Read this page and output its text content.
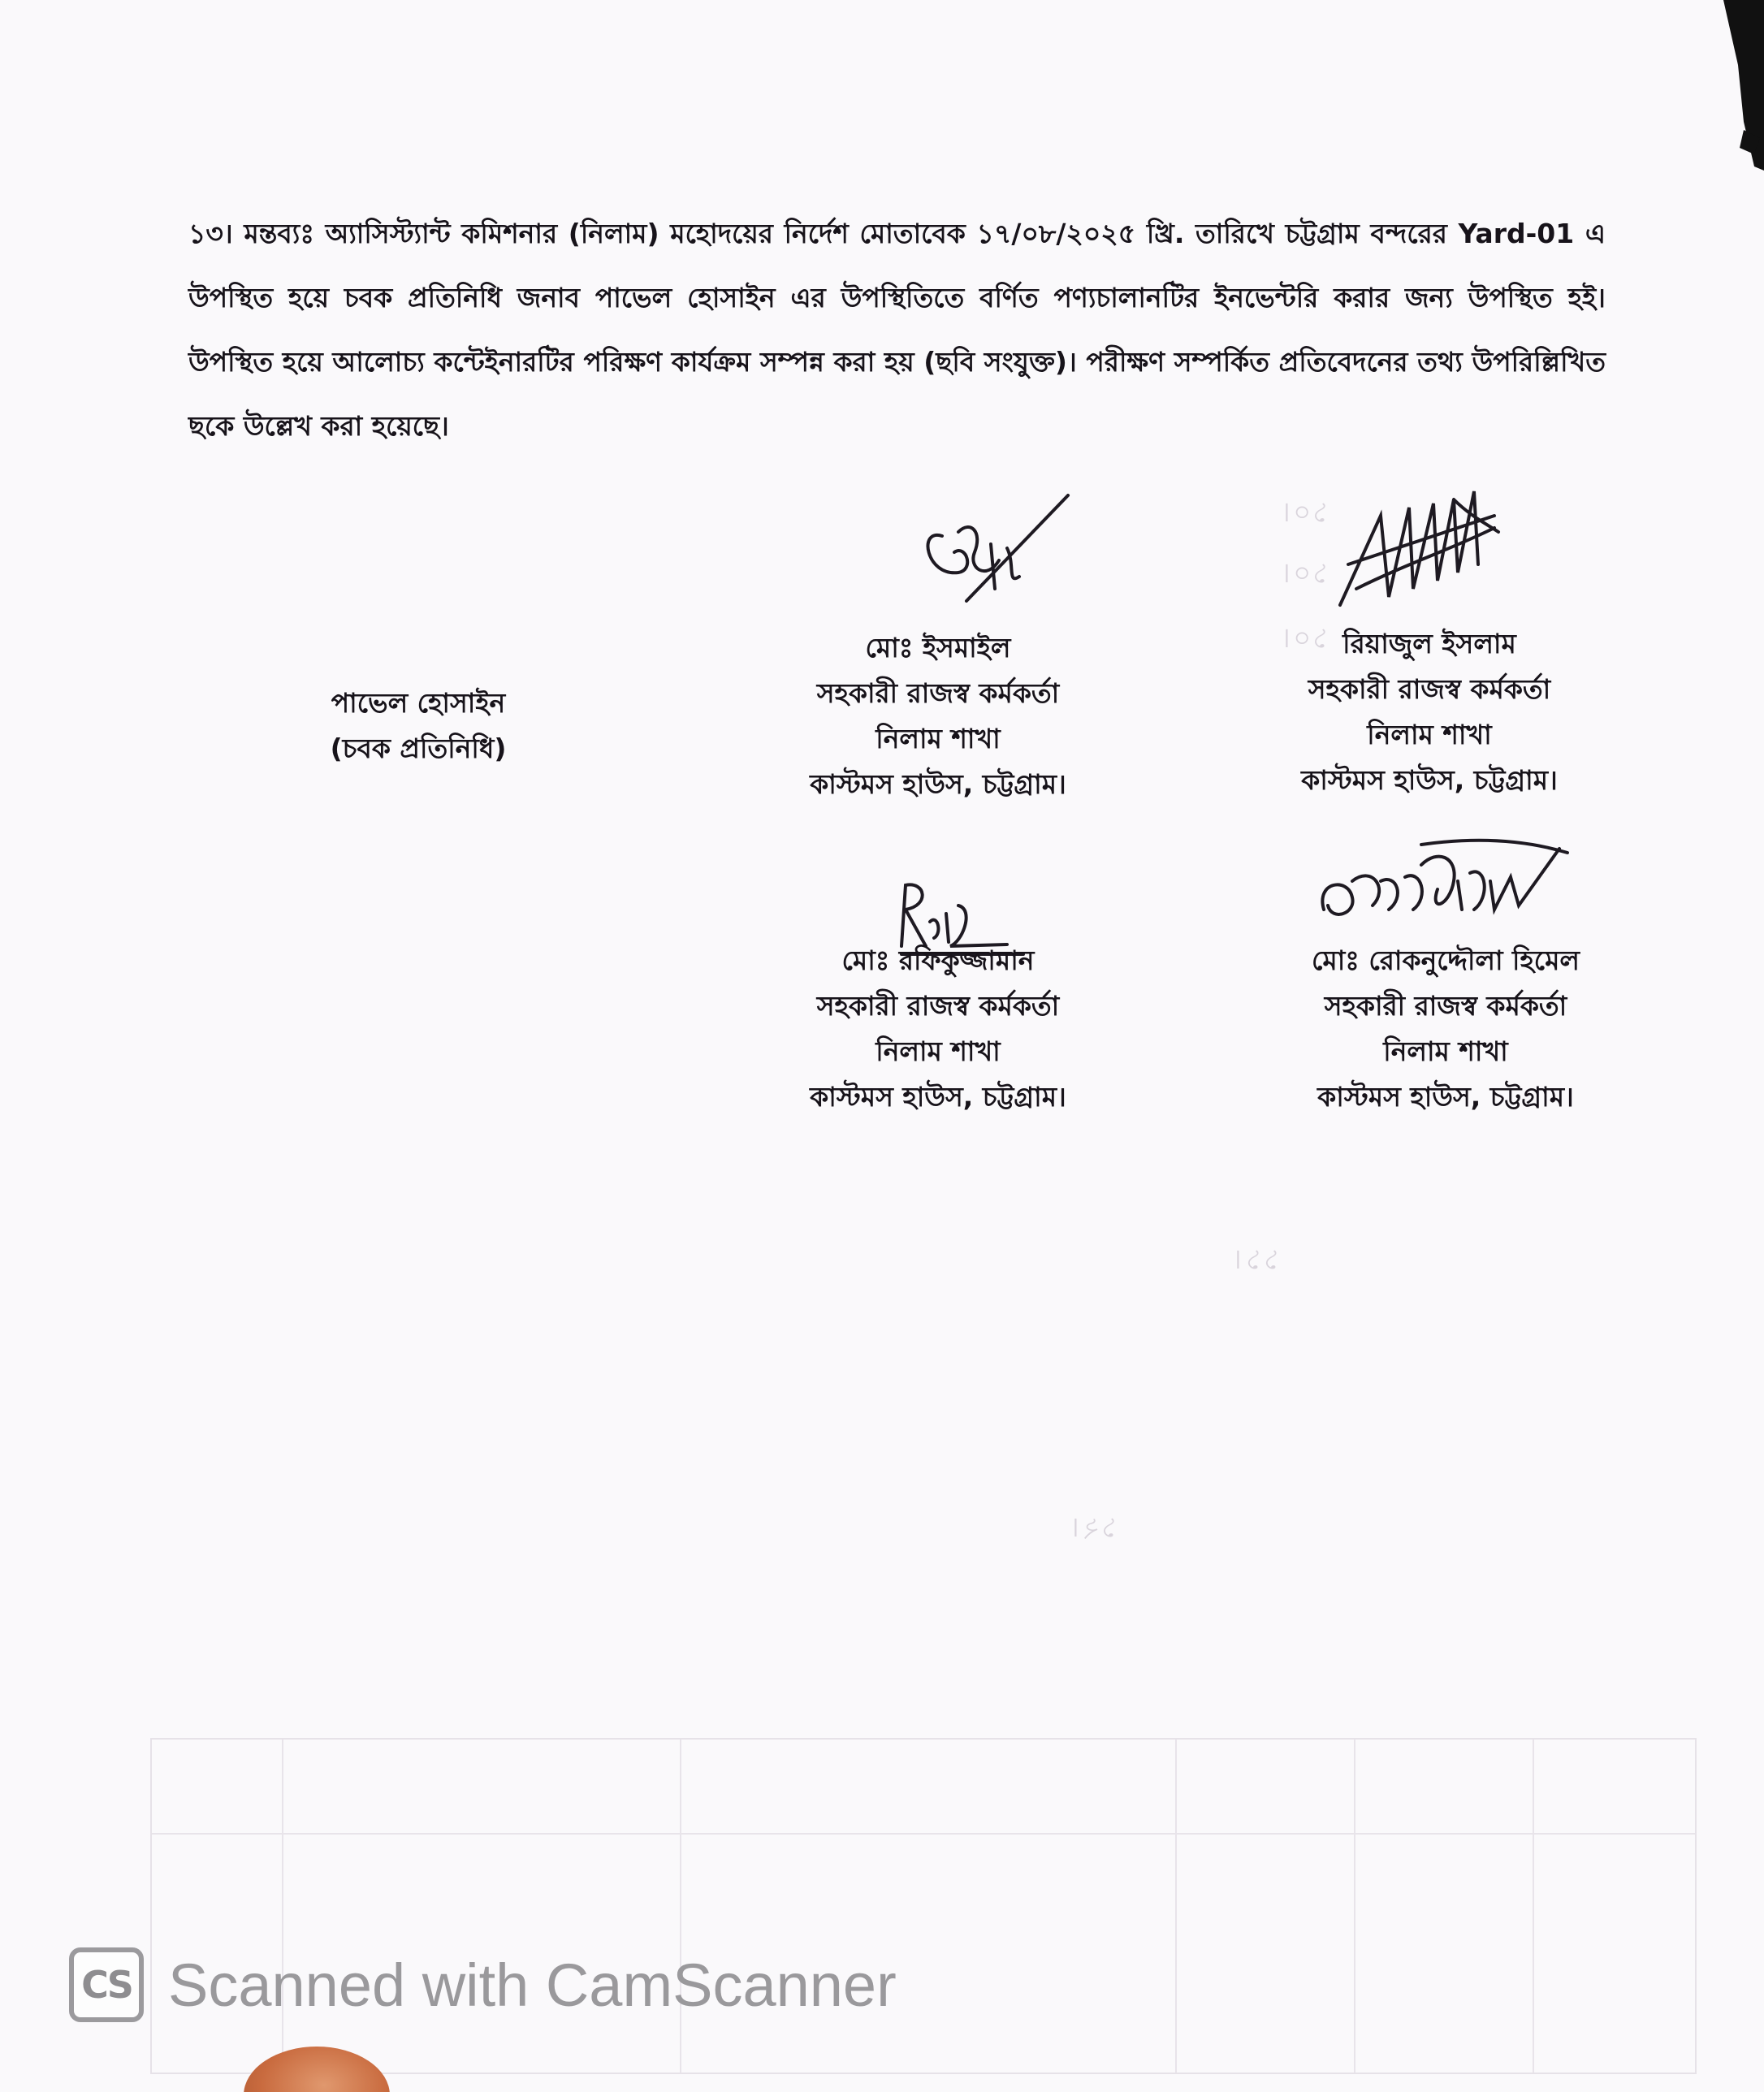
১০।
১০।
১০।
১১।
১২।

১৩। মন্তব্যঃ অ্যাসিস্ট্যান্ট কমিশনার (নিলাম) মহোদয়ের নির্দেশ মোতাবেক ১৭/০৮/২০২৫ খ্রি. তারিখে চট্টগ্রাম বন্দরের Yard-01 এ উপস্থিত হয়ে চবক প্রতিনিধি জনাব পাভেল হোসাইন এর উপস্থিতিতে বর্ণিত পণ্যচালানটির ইনভেন্টরি করার জন্য উপস্থিত হই। উপস্থিত হয়ে আলোচ্য কন্টেইনারটির পরিক্ষণ কার্যক্রম সম্পন্ন করা হয় (ছবি সংযুক্ত)। পরীক্ষণ সম্পর্কিত প্রতিবেদনের তথ্য উপরিল্লিখিত ছকে উল্লেখ করা হয়েছে।

পাভেল হোসাইন
(চবক প্রতিনিধি)
মোঃ ইসমাইল
সহকারী রাজস্ব কর্মকর্তা
নিলাম শাখা
কাস্টমস হাউস, চট্টগ্রাম।
রিয়াজুল ইসলাম
সহকারী রাজস্ব কর্মকর্তা
নিলাম শাখা
কাস্টমস হাউস, চট্টগ্রাম।
মোঃ রফিকুজ্জামান
সহকারী রাজস্ব কর্মকর্তা
নিলাম শাখা
কাস্টমস হাউস, চট্টগ্রাম।
মোঃ রোকনুদ্দৌলা হিমেল
সহকারী রাজস্ব কর্মকর্তা
নিলাম শাখা
কাস্টমস হাউস, চট্টগ্রাম।
CS Scanned with CamScanner
